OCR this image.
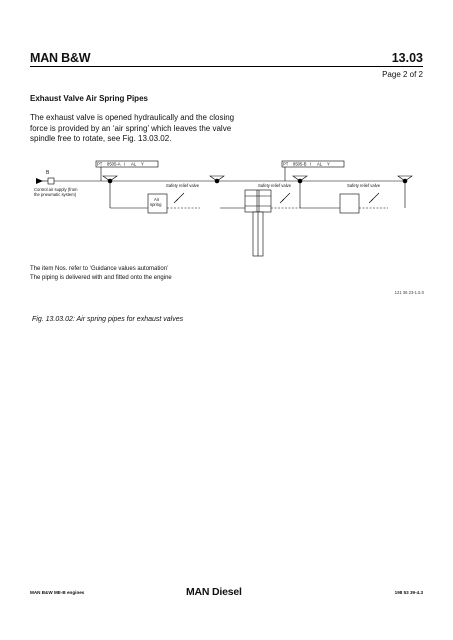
MAN B&W	13.03
Page 2 of 2
Exhaust Valve Air Spring Pipes
The exhaust valve is opened hydraulically and the closing force is provided by an ‘air spring’ which leaves the valve spindle free to rotate, see Fig. 13.03.02.
PT 8505-A I AL Y	PT 8505-B I AL Y
B
Control air supply (from
the pneumatic system)
Safety relief valve	Safety relief valve	Safety relief valve
Air
spring
The item Nos. refer to ‘Guidance values automation’
The piping is delivered with and fitted onto the engine
121 36 23-1.5.0
Fig. 13.03.02: Air spring pipes for exhaust valves
MAN B&W ME-B engines	MAN Diesel	198 53 39-4.3
